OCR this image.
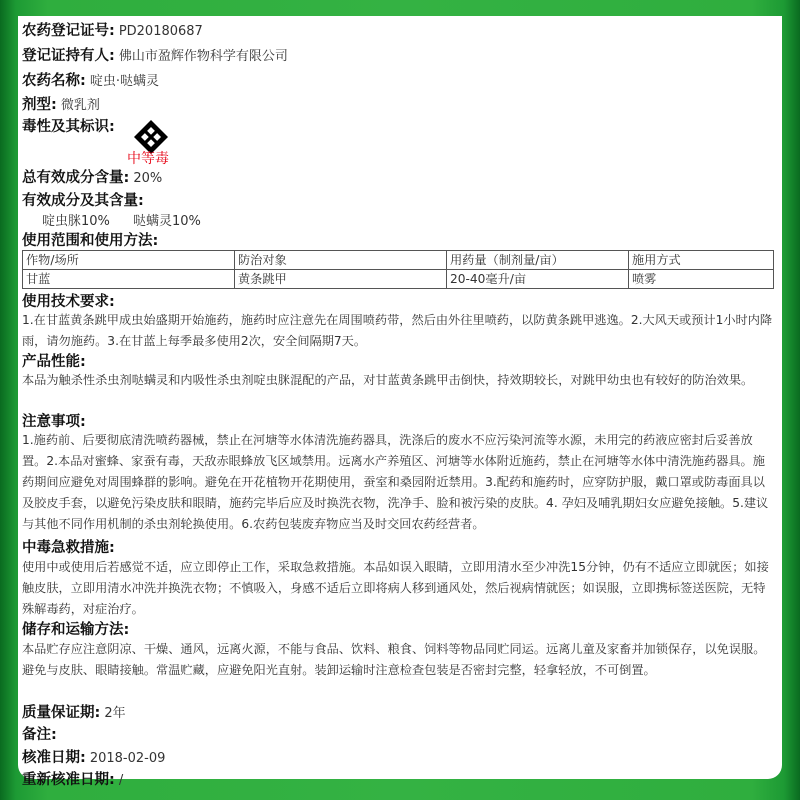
农药登记证号: PD20180687
登记证持有人: 佛山市盈辉作物科学有限公司
农药名称: 啶虫·哒螨灵
剂型: 微乳剂
毒性及其标识:
中等毒
总有效成分含量: 20%
有效成分及其含量:
啶虫脒10% 哒螨灵10%
使用范围和使用方法:
作物/场所	防治对象	用药量（制剂量/亩）	施用方式
甘蓝	黄条跳甲	20-40毫升/亩	喷雾
使用技术要求:
1.在甘蓝黄条跳甲成虫始盛期开始施药，施药时应注意先在周围喷药带，然后由外往里喷药，以防黄条跳甲逃逸。2.大风天或预计1小时内降雨，请勿施药。3.在甘蓝上每季最多使用2次，安全间隔期7天。
产品性能:
本品为触杀性杀虫剂哒螨灵和内吸性杀虫剂啶虫脒混配的产品，对甘蓝黄条跳甲击倒快，持效期较长，对跳甲幼虫也有较好的防治效果。
注意事项:
1.施药前、后要彻底清洗喷药器械，禁止在河塘等水体清洗施药器具，洗涤后的废水不应污染河流等水源，未用完的药液应密封后妥善放置。2.本品对蜜蜂、家蚕有毒，天敌赤眼蜂放飞区域禁用。远离水产养殖区、河塘等水体附近施药，禁止在河塘等水体中清洗施药器具。施药期间应避免对周围蜂群的影响。避免在开花植物开花期使用，蚕室和桑园附近禁用。3.配药和施药时，应穿防护服，戴口罩或防毒面具以及胶皮手套，以避免污染皮肤和眼睛，施药完毕后应及时换洗衣物，洗净手、脸和被污染的皮肤。4. 孕妇及哺乳期妇女应避免接触。5.建议与其他不同作用机制的杀虫剂轮换使用。6.农药包装废弃物应当及时交回农药经营者。
中毒急救措施:
使用中或使用后若感觉不适，应立即停止工作，采取急救措施。本品如误入眼睛，立即用清水至少冲洗15分钟，仍有不适应立即就医；如接触皮肤，立即用清水冲洗并换洗衣物；不慎吸入，身感不适后立即将病人移到通风处，然后视病情就医；如误服，立即携标签送医院，无特殊解毒药，对症治疗。
储存和运输方法:
本品贮存应注意阴凉、干燥、通风，远离火源，不能与食品、饮料、粮食、饲料等物品同贮同运。远离儿童及家畜并加锁保存，以免误服。避免与皮肤、眼睛接触。常温贮藏，应避免阳光直射。装卸运输时注意检查包装是否密封完整，轻拿轻放，不可倒置。
质量保证期: 2年
备注:
核准日期: 2018-02-09
重新核准日期: /
